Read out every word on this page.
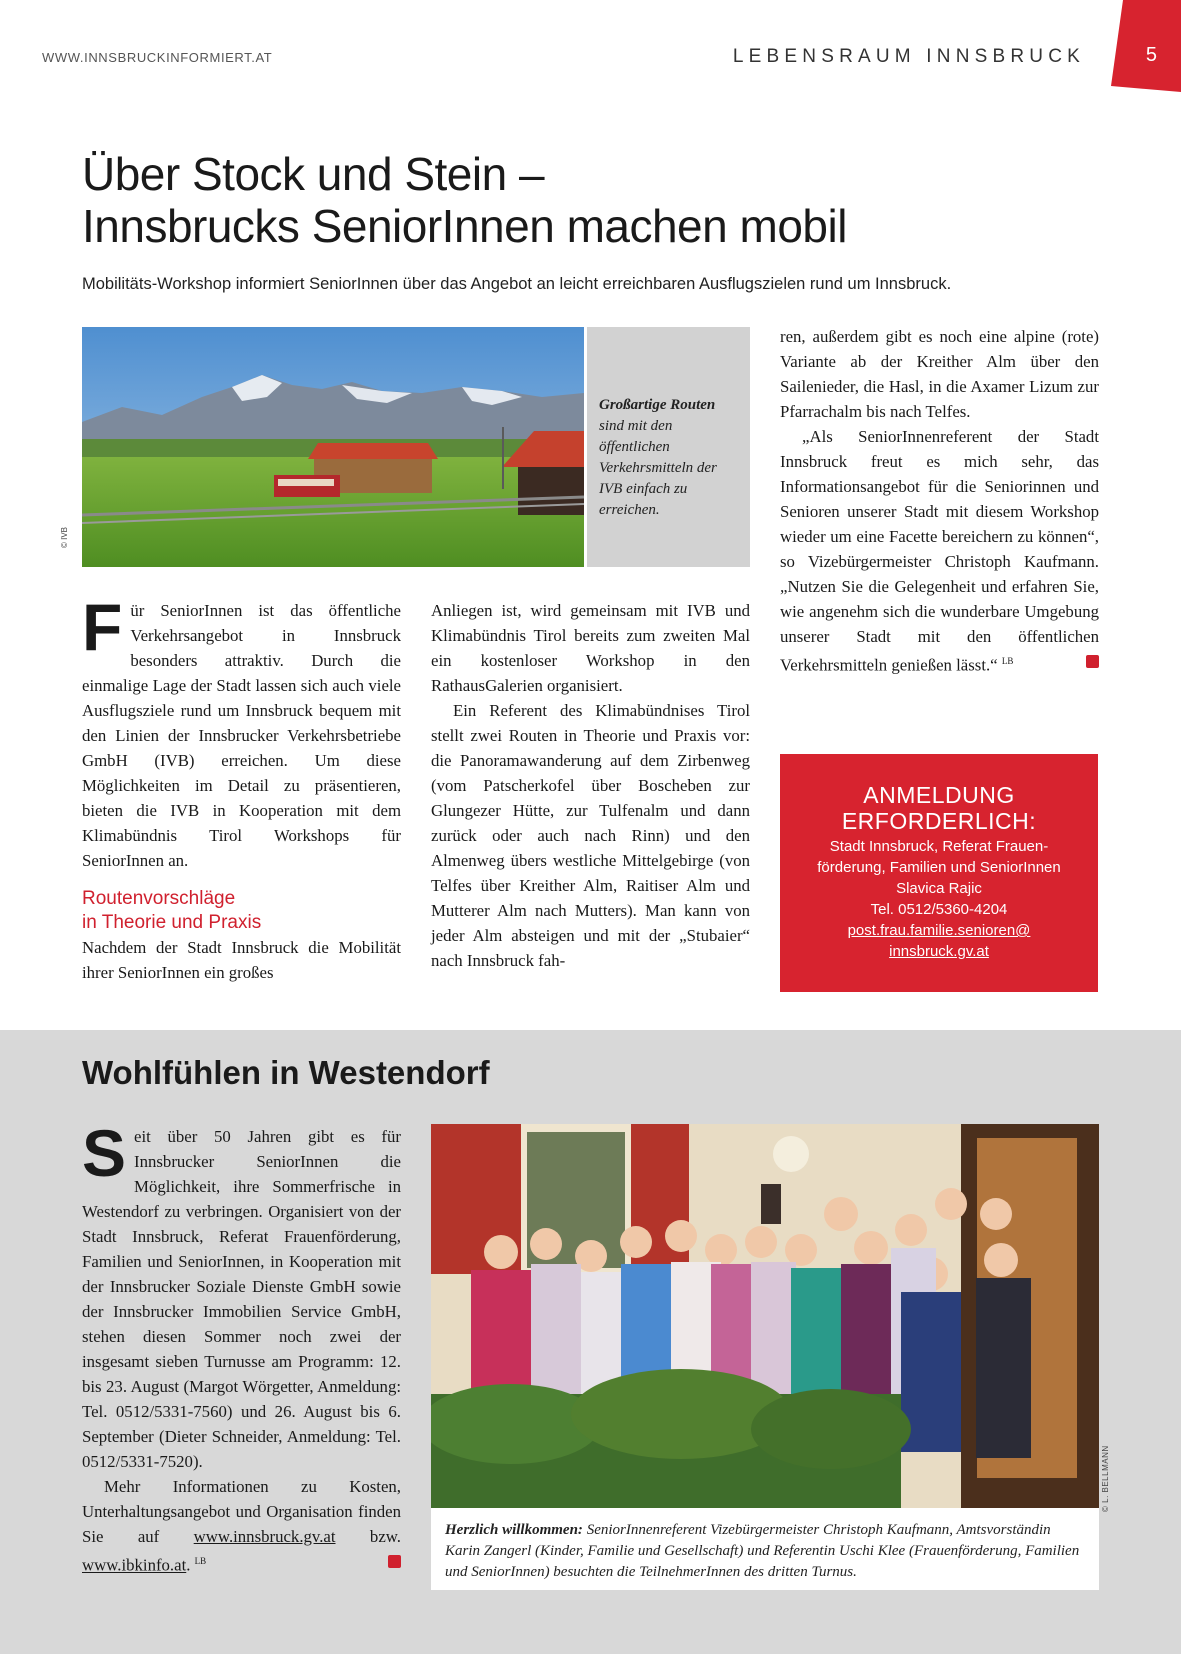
WWW.INNSBRUCKINFORMIERT.AT	LEBENSRAUM INNSBRUCK	5
Über Stock und Stein –
Innsbrucks SeniorInnen machen mobil
Mobilitäts-Workshop informiert SeniorInnen über das Angebot an leicht erreichbaren Ausflugszielen rund um Innsbruck.
© IVB
Großartige Routen sind mit den öffentlichen Verkehrsmitteln der IVB einfach zu erreichen.

F ür SeniorInnen ist das öffentliche Verkehrsangebot in Innsbruck besonders attraktiv. Durch die einmalige Lage der Stadt lassen sich auch viele Ausflugsziele rund um Innsbruck bequem mit den Linien der Innsbrucker Verkehrsbetriebe GmbH (IVB) erreichen. Um diese Möglichkeiten im Detail zu präsentieren, bieten die IVB in Kooperation mit dem Klimabündnis Tirol Workshops für SeniorInnen an.

Routenvorschläge
in Theorie und Praxis

Nachdem der Stadt Innsbruck die Mobilität ihrer SeniorInnen ein großes

Anliegen ist, wird gemeinsam mit IVB und Klimabündnis Tirol bereits zum zweiten Mal ein kostenloser Workshop in den RathausGalerien organisiert.

Ein Referent des Klimabündnises Tirol stellt zwei Routen in Theorie und Praxis vor: die Panoramawanderung auf dem Zirbenweg (vom Patscherkofel über Boscheben zur Glungezer Hütte, zur Tulfenalm und dann zurück oder auch nach Rinn) und den Almenweg übers westliche Mittelgebirge (von Telfes über Kreither Alm, Raitiser Alm und Mutterer Alm nach Mutters). Man kann von jeder Alm absteigen und mit der „Stubaier“ nach Innsbruck fah-

ren, außerdem gibt es noch eine alpine (rote) Variante ab der Kreither Alm über den Sailenieder, die Hasl, in die Axamer Lizum zur Pfarrachalm bis nach Telfes.

„Als SeniorInnenreferent der Stadt Innsbruck freut es mich sehr, das Informationsangebot für die Seniorinnen und Senioren unserer Stadt mit diesem Workshop wieder um eine Facette bereichern zu können“, so Vizebürgermeister Christoph Kaufmann. „Nutzen Sie die Gelegenheit und erfahren Sie, wie angenehm sich die wunderbare Umgebung unserer Stadt mit den öffentlichen Verkehrsmitteln genießen lässt.“ $^{LB}$

ANMELDUNG
ERFORDERLICH:
Stadt Innsbruck, Referat Frauen-
förderung, Familien und SeniorInnen
Slavica Rajic
Tel. 0512/5360-4204
post.frau.familie.senioren@
innsbruck.gv.at
Wohlfühlen in Westendorf

S eit über 50 Jahren gibt es für Innsbrucker SeniorInnen die Möglichkeit, ihre Sommerfrische in Westendorf zu verbringen. Organisiert von der Stadt Innsbruck, Referat Frauenförderung, Familien und SeniorInnen, in Kooperation mit der Innsbrucker Soziale Dienste GmbH sowie der Innsbrucker Immobilien Service GmbH, stehen diesen Sommer noch zwei der insgesamt sieben Turnusse am Programm: 12. bis 23. August (Margot Wörgetter, Anmeldung: Tel. 0512/5331-7560) und 26. August bis 6. September (Dieter Schneider, Anmeldung: Tel. 0512/5331-7520).

Mehr Informationen zu Kosten, Unterhaltungsangebot und Organisation finden Sie auf www.innsbruck.gv.at bzw. www.ibkinfo.at. $^{LB}$

© L. BELLMANN
Herzlich willkommen: SeniorInnenreferent Vizebürgermeister Christoph Kaufmann, Amtsvorständin Karin Zangerl (Kinder, Familie und Gesellschaft) und Referentin Uschi Klee (Frauenförderung, Familien und SeniorInnen) besuchten die TeilnehmerInnen des dritten Turnus.
